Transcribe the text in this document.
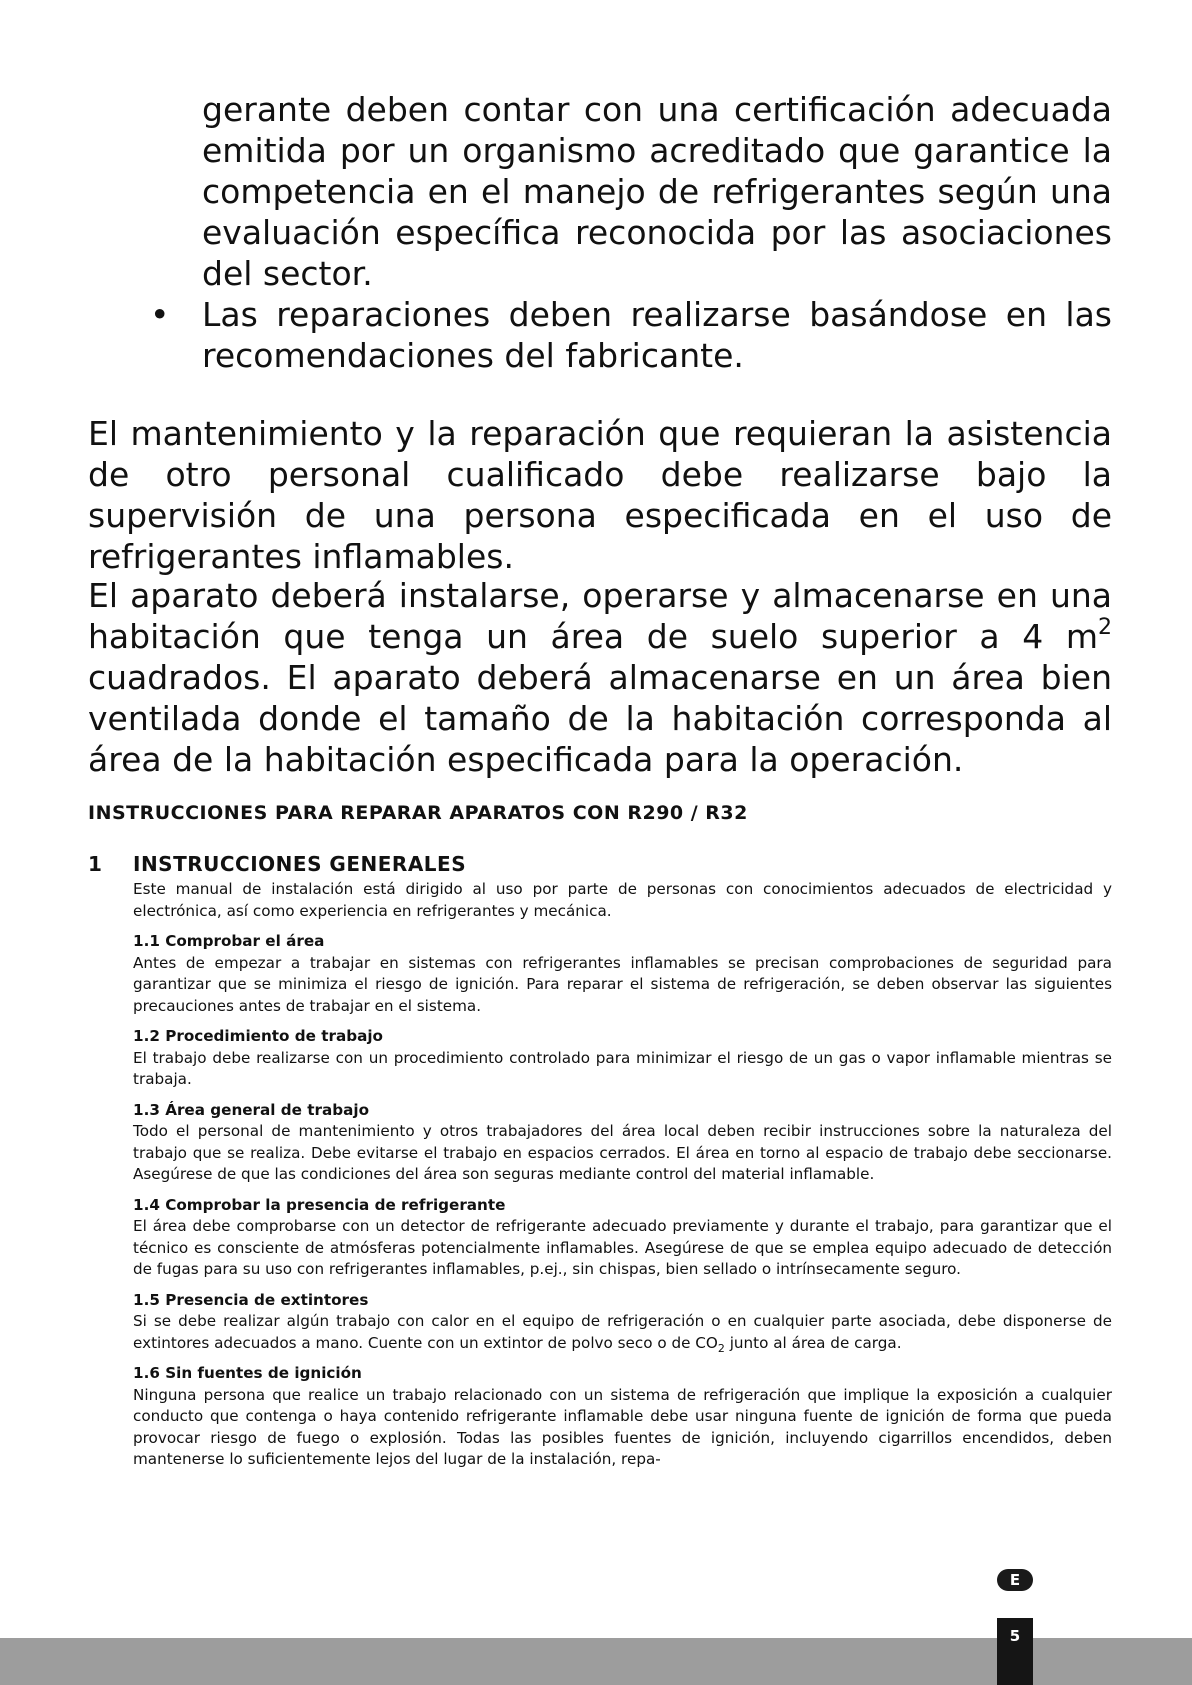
gerante deben contar con una certificación adecuada emitida por un organismo acreditado que garantice la competencia en el manejo de refrigerantes según una evaluación específica reconocida por las asociaciones del sector.
• Las reparaciones deben realizarse basándose en las recomendaciones del fabricante.
El mantenimiento y la reparación que requieran la asistencia de otro personal cualificado debe realizarse bajo la supervisión de una persona especificada en el uso de refrigerantes inflamables.
El aparato deberá instalarse, operarse y almacenarse en una habitación que tenga un área de suelo superior a 4 $m^2$ cuadrados. El aparato deberá almacenarse en un área bien ventilada donde el tamaño de la habitación corresponda al área de la habitación especificada para la operación.
INSTRUCCIONES PARA REPARAR APARATOS CON R290 / R32
1 INSTRUCCIONES GENERALES

Este manual de instalación está dirigido al uso por parte de personas con conocimientos adecuados de electricidad y electrónica, así como experiencia en refrigerantes y mecánica.

1.1 Comprobar el área

Antes de empezar a trabajar en sistemas con refrigerantes inflamables se precisan comprobaciones de seguridad para garantizar que se minimiza el riesgo de ignición. Para reparar el sistema de refrigeración, se deben observar las siguientes precauciones antes de trabajar en el sistema.

1.2 Procedimiento de trabajo

El trabajo debe realizarse con un procedimiento controlado para minimizar el riesgo de un gas o vapor inflamable mientras se trabaja.

1.3 Área general de trabajo

Todo el personal de mantenimiento y otros trabajadores del área local deben recibir instrucciones sobre la naturaleza del trabajo que se realiza. Debe evitarse el trabajo en espacios cerrados. El área en torno al espacio de trabajo debe seccionarse. Asegúrese de que las condiciones del área son seguras mediante control del material inflamable.

1.4 Comprobar la presencia de refrigerante

El área debe comprobarse con un detector de refrigerante adecuado previamente y durante el trabajo, para garantizar que el técnico es consciente de atmósferas potencialmente inflamables. Asegúrese de que se emplea equipo adecuado de detección de fugas para su uso con refrigerantes inflamables, p.ej., sin chispas, bien sellado o intrínsecamente seguro.

1.5 Presencia de extintores

Si se debe realizar algún trabajo con calor en el equipo de refrigeración o en cualquier parte asociada, debe disponerse de extintores adecuados a mano. Cuente con un extintor de polvo seco o de $CO_2$ junto al área de carga.

1.6 Sin fuentes de ignición

Ninguna persona que realice un trabajo relacionado con un sistema de refrigeración que implique la exposición a cualquier conducto que contenga o haya contenido refrigerante inflamable debe usar ninguna fuente de ignición de forma que pueda provocar riesgo de fuego o explosión. Todas las posibles fuentes de ignición, incluyendo cigarrillos encendidos, deben mantenerse lo suficientemente lejos del lugar de la instalación, repa-

E
5
